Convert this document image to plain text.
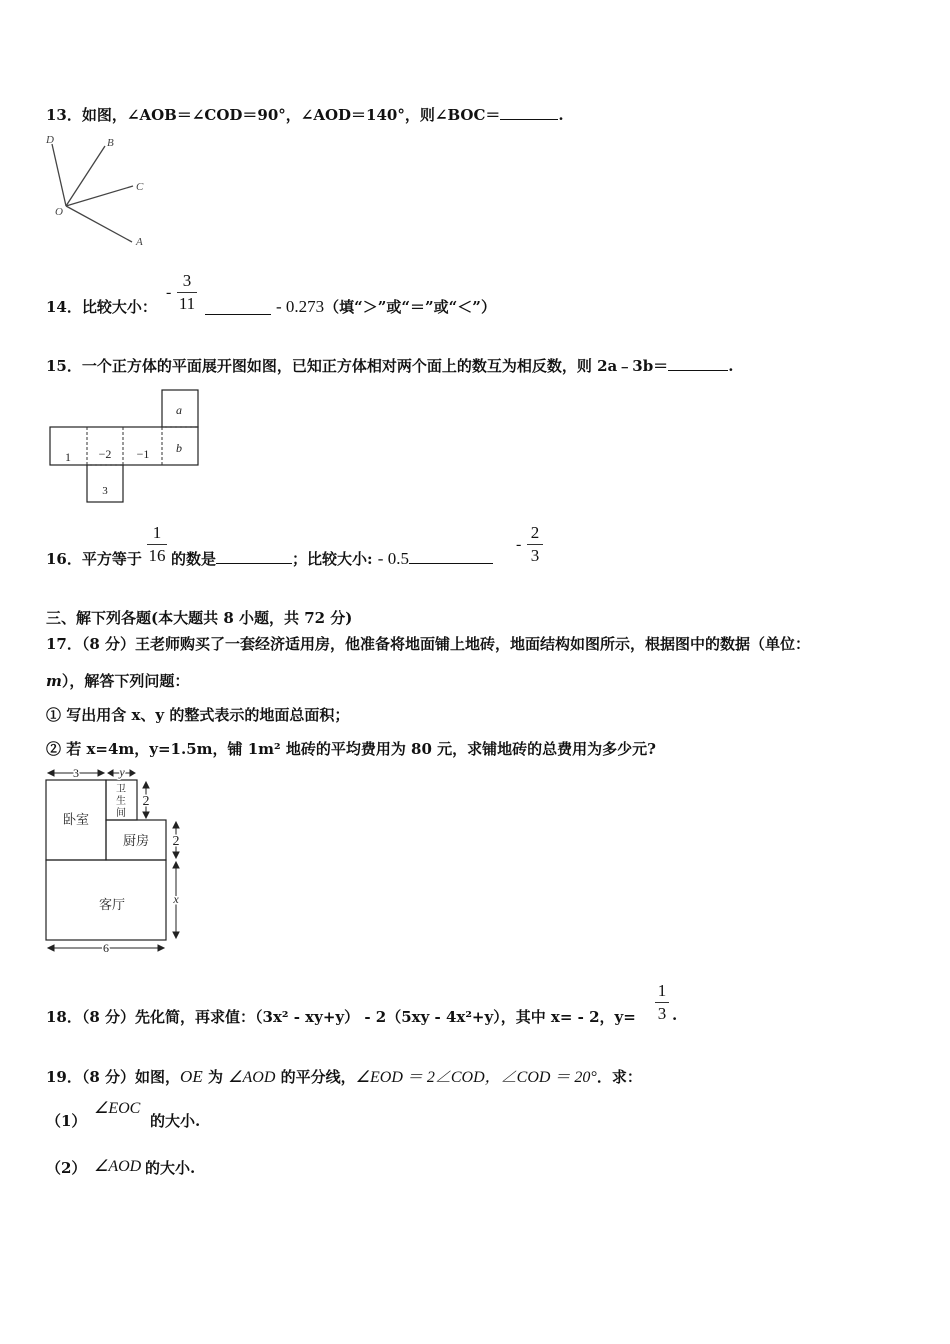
13．如图，∠AOB＝∠COD＝90°，∠AOD＝140°，则∠BOC＝	.
D	B
C
O
A
14．比较大小：
-
3
11	- 0.273（填“＞”或“＝”或“＜”）
15．一个正方体的平面展开图如图，已知正方体相对两个面上的数互为相反数，则 2a﹣3b＝	.
1 −2 −1
a
b
3
16．平方等于
1
16 的数是	；比较大小: - 0.5
-
2
3
三、解下列各题(本大题共 8 小题，共 72 分)
17．（8 分）王老师购买了一套经济适用房，他准备将地面铺上地砖，地面结构如图所示，根据图中的数据（单位：
m），解答下列问题：
① 写出用含 x、y 的整式表示的地面总面积；
② 若 x=4m，y=1.5m，铺 1m² 地砖的平均费用为 80 元，求铺地砖的总费用为多少元?
3	y
2
2
x
6
卧室
卫
生
间
厨房
客厅
18．（8 分）先化简，再求值：（3x² - xy+y） - 2（5xy - 4x²+y），其中 x= - 2，y=
1
3 .
19．（8 分）如图，OE 为 ∠AOD 的平分线，∠EOD ＝ 2∠COD，∠COD ＝ 20°．求：
（1）
∠EOC
的大小.
（2） ∠AOD 的大小.
